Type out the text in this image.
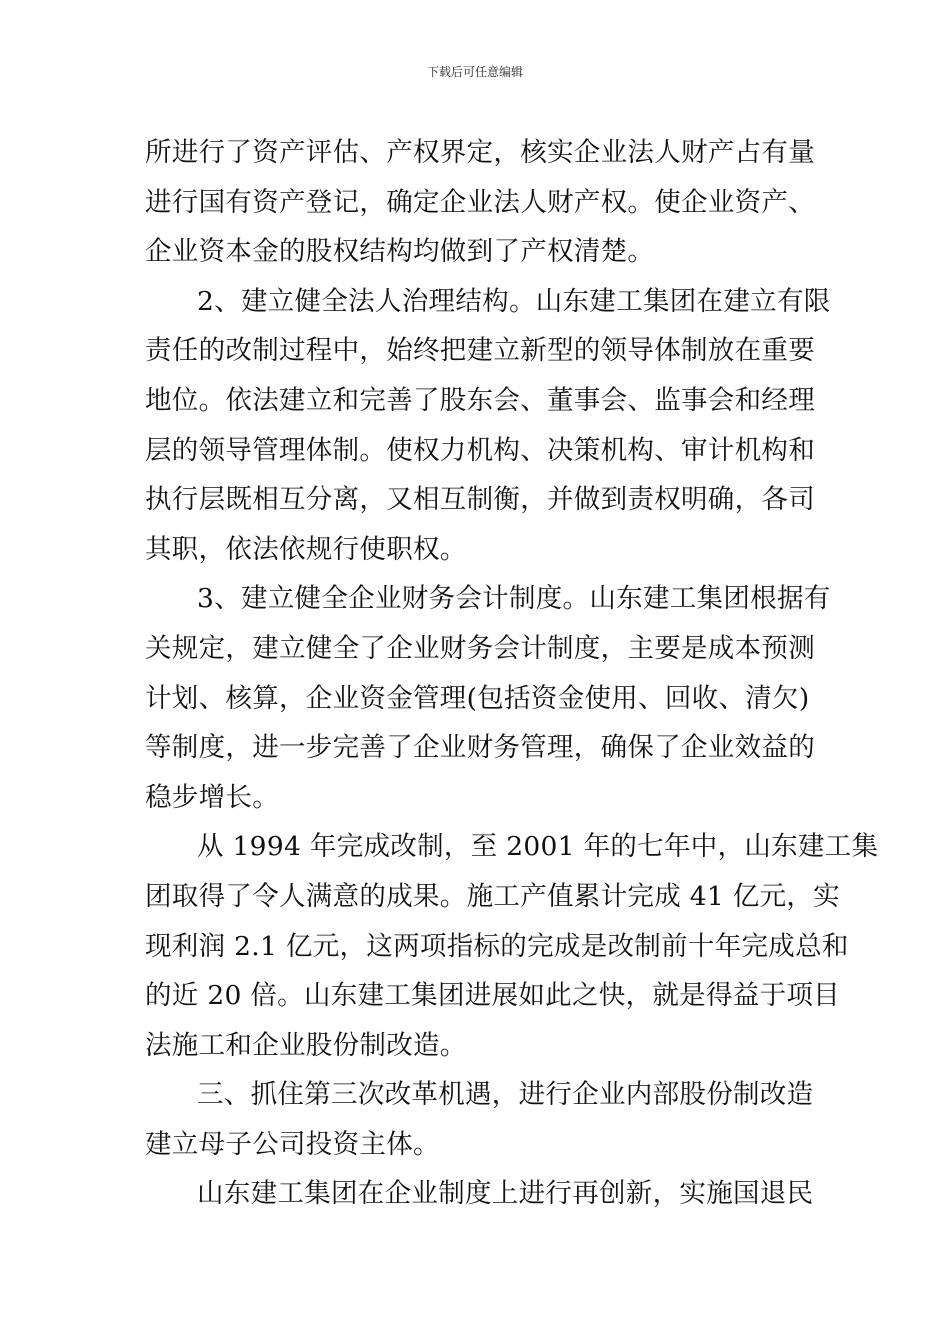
下载后可任意编辑
所进行了资产评估、产权界定，核实企业法人财产占有量
进行国有资产登记，确定企业法人财产权。使企业资产、
企业资本金的股权结构均做到了产权清楚。
2、建立健全法人治理结构。山东建工集团在建立有限
责任的改制过程中，始终把建立新型的领导体制放在重要
地位。依法建立和完善了股东会、董事会、监事会和经理
层的领导管理体制。使权力机构、决策机构、审计机构和
执行层既相互分离，又相互制衡，并做到责权明确，各司
其职，依法依规行使职权。
3、建立健全企业财务会计制度。山东建工集团根据有
关规定，建立健全了企业财务会计制度，主要是成本预测
计划、核算，企业资金管理(包括资金使用、回收、清欠)
等制度，进一步完善了企业财务管理，确保了企业效益的
稳步增长。
从 1994 年完成改制，至 2001 年的七年中，山东建工集
团取得了令人满意的成果。施工产值累计完成 41 亿元，实
现利润 2.1 亿元，这两项指标的完成是改制前十年完成总和
的近 20 倍。山东建工集团进展如此之快，就是得益于项目
法施工和企业股份制改造。
三、抓住第三次改革机遇，进行企业内部股份制改造
建立母子公司投资主体。
山东建工集团在企业制度上进行再创新，实施国退民
